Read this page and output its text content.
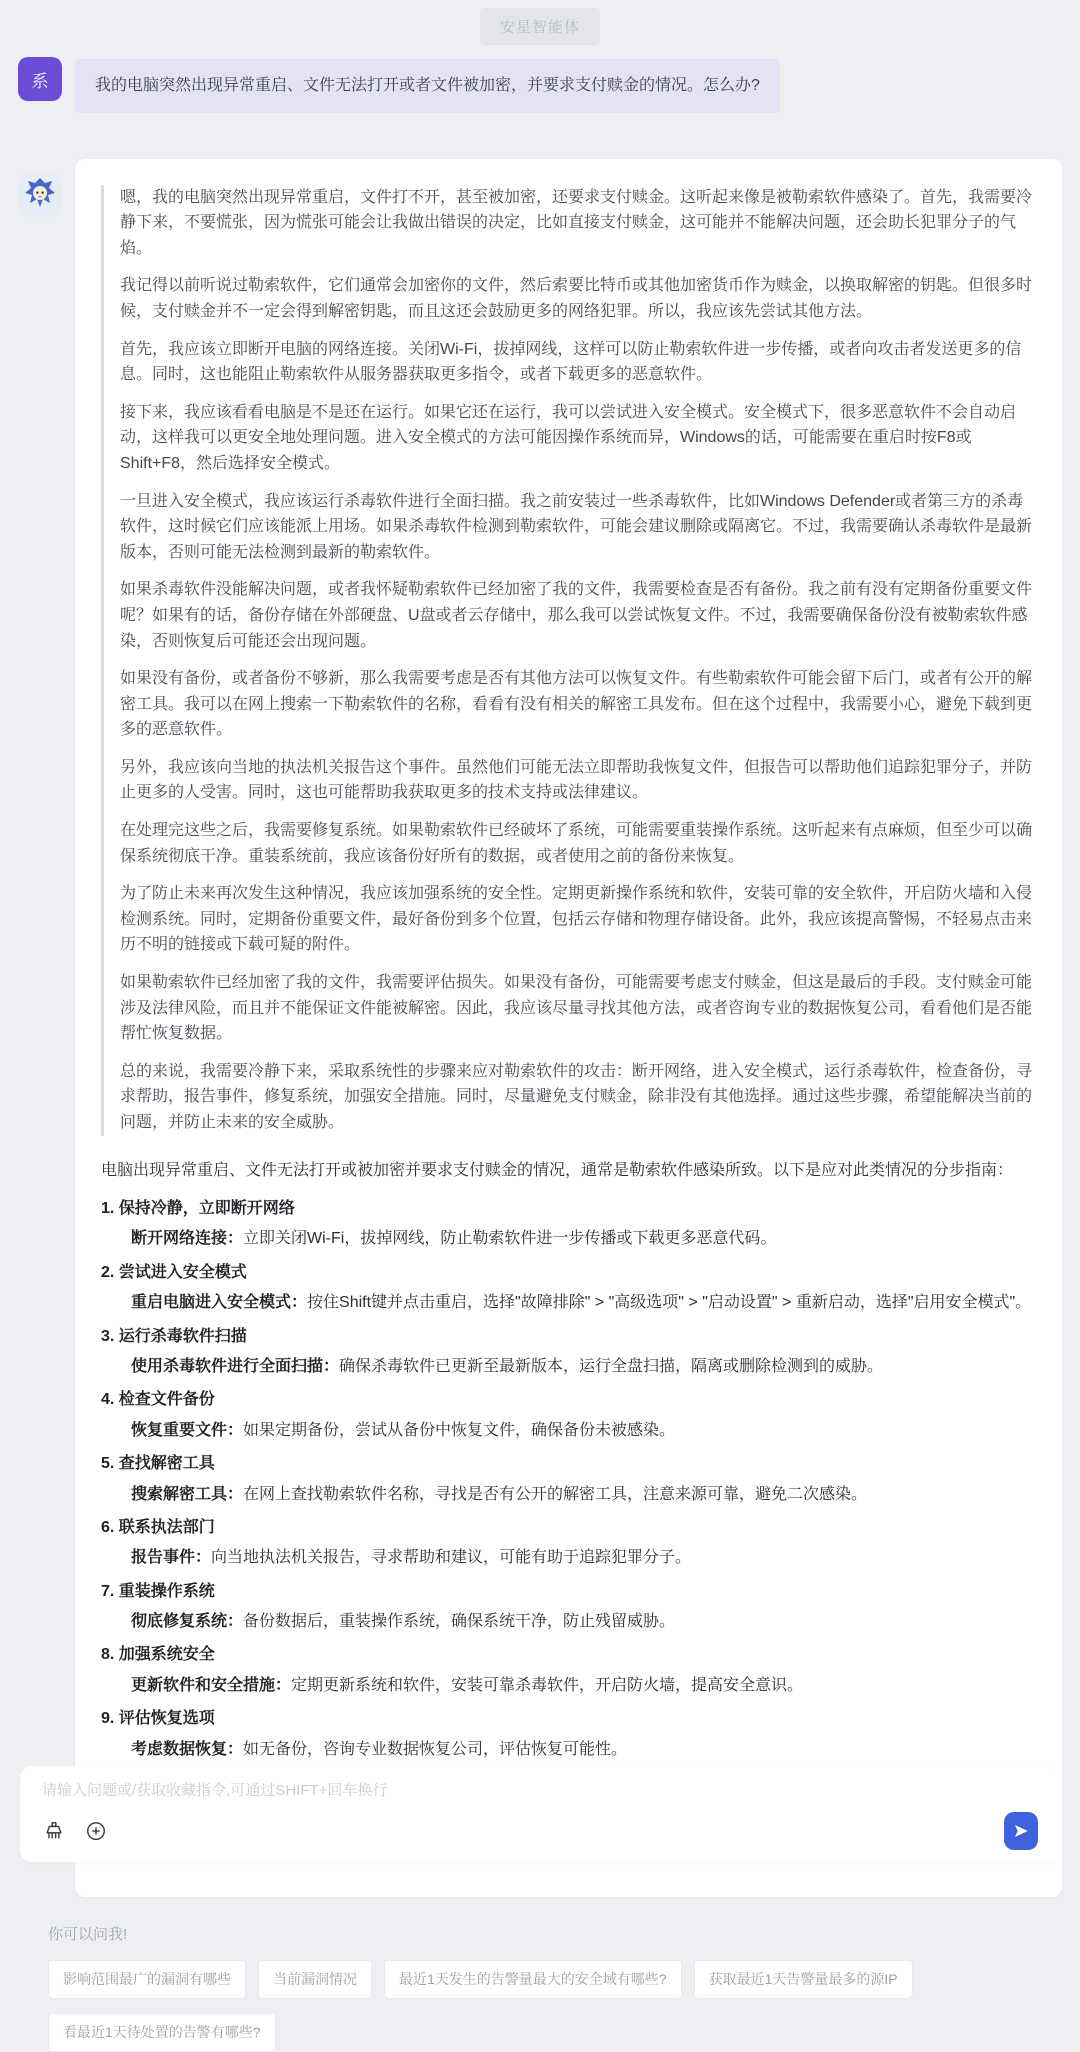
安星智能体
系	我的电脑突然出现异常重启、文件无法打开或者文件被加密，并要求支付赎金的情况。怎么办?

嗯，我的电脑突然出现异常重启，文件打不开，甚至被加密，还要求支付赎金。这听起来像是被勒索软件感染了。首先，我需要冷静下来，不要慌张，因为慌张可能会让我做出错误的决定，比如直接支付赎金，这可能并不能解决问题，还会助长犯罪分子的气焰。

我记得以前听说过勒索软件，它们通常会加密你的文件，然后索要比特币或其他加密货币作为赎金，以换取解密的钥匙。但很多时候，支付赎金并不一定会得到解密钥匙，而且这还会鼓励更多的网络犯罪。所以，我应该先尝试其他方法。

首先，我应该立即断开电脑的网络连接。关闭Wi-Fi，拔掉网线，这样可以防止勒索软件进一步传播，或者向攻击者发送更多的信息。同时，这也能阻止勒索软件从服务器获取更多指令，或者下载更多的恶意软件。

接下来，我应该看看电脑是不是还在运行。如果它还在运行，我可以尝试进入安全模式。安全模式下，很多恶意软件不会自动启动，这样我可以更安全地处理问题。进入安全模式的方法可能因操作系统而异，Windows的话，可能需要在重启时按F8或Shift+F8，然后选择安全模式。

一旦进入安全模式，我应该运行杀毒软件进行全面扫描。我之前安装过一些杀毒软件，比如Windows Defender或者第三方的杀毒软件，这时候它们应该能派上用场。如果杀毒软件检测到勒索软件，可能会建议删除或隔离它。不过，我需要确认杀毒软件是最新版本，否则可能无法检测到最新的勒索软件。

如果杀毒软件没能解决问题，或者我怀疑勒索软件已经加密了我的文件，我需要检查是否有备份。我之前有没有定期备份重要文件呢？如果有的话，备份存储在外部硬盘、U盘或者云存储中，那么我可以尝试恢复文件。不过，我需要确保备份没有被勒索软件感染，否则恢复后可能还会出现问题。

如果没有备份，或者备份不够新，那么我需要考虑是否有其他方法可以恢复文件。有些勒索软件可能会留下后门，或者有公开的解密工具。我可以在网上搜索一下勒索软件的名称，看看有没有相关的解密工具发布。但在这个过程中，我需要小心，避免下载到更多的恶意软件。

另外，我应该向当地的执法机关报告这个事件。虽然他们可能无法立即帮助我恢复文件，但报告可以帮助他们追踪犯罪分子，并防止更多的人受害。同时，这也可能帮助我获取更多的技术支持或法律建议。

在处理完这些之后，我需要修复系统。如果勒索软件已经破坏了系统，可能需要重装操作系统。这听起来有点麻烦，但至少可以确保系统彻底干净。重装系统前，我应该备份好所有的数据，或者使用之前的备份来恢复。

为了防止未来再次发生这种情况，我应该加强系统的安全性。定期更新操作系统和软件，安装可靠的安全软件，开启防火墙和入侵检测系统。同时，定期备份重要文件，最好备份到多个位置，包括云存储和物理存储设备。此外，我应该提高警惕，不轻易点击来历不明的链接或下载可疑的附件。

如果勒索软件已经加密了我的文件，我需要评估损失。如果没有备份，可能需要考虑支付赎金，但这是最后的手段。支付赎金可能涉及法律风险，而且并不能保证文件能被解密。因此，我应该尽量寻找其他方法，或者咨询专业的数据恢复公司，看看他们是否能帮忙恢复数据。

总的来说，我需要冷静下来，采取系统性的步骤来应对勒索软件的攻击：断开网络，进入安全模式，运行杀毒软件，检查备份，寻求帮助，报告事件，修复系统，加强安全措施。同时，尽量避免支付赎金，除非没有其他选择。通过这些步骤，希望能解决当前的问题，并防止未来的安全威胁。

电脑出现异常重启、文件无法打开或被加密并要求支付赎金的情况，通常是勒索软件感染所致。以下是应对此类情况的分步指南：

1. 保持冷静，立即断开网络
断开网络连接：立即关闭Wi-Fi，拔掉网线，防止勒索软件进一步传播或下载更多恶意代码。
2. 尝试进入安全模式
重启电脑进入安全模式：按住Shift键并点击重启，选择"故障排除" > "高级选项" > "启动设置" > 重新启动，选择"启用安全模式"。
3. 运行杀毒软件扫描
使用杀毒软件进行全面扫描：确保杀毒软件已更新至最新版本，运行全盘扫描，隔离或删除检测到的威胁。
4. 检查文件备份
恢复重要文件：如果定期备份，尝试从备份中恢复文件，确保备份未被感染。
5. 查找解密工具
搜索解密工具：在网上查找勒索软件名称，寻找是否有公开的解密工具，注意来源可靠，避免二次感染。
6. 联系执法部门
报告事件：向当地执法机关报告，寻求帮助和建议，可能有助于追踪犯罪分子。
7. 重装操作系统
彻底修复系统：备份数据后，重装操作系统，确保系统干净，防止残留威胁。
8. 加强系统安全
更新软件和安全措施：定期更新系统和软件，安装可靠杀毒软件，开启防火墙，提高安全意识。
9. 评估恢复选项
考虑数据恢复：如无备份，咨询专业数据恢复公司，评估恢复可能性。

你可以问我!
影响范围最广的漏洞有哪些	当前漏洞情况	最近1天发生的告警量最大的安全域有哪些?	获取最近1天告警量最多的源IP
看最近1天待处置的告警有哪些?
请输入问题或/获取收藏指令,可通过SHIFT+回车换行
